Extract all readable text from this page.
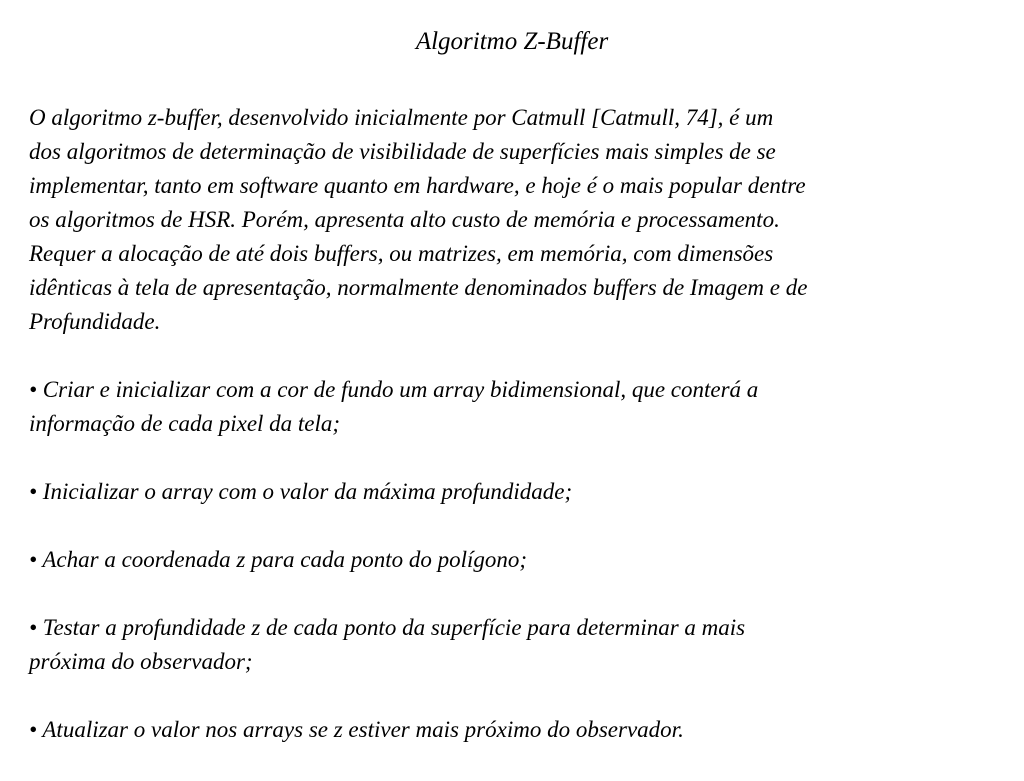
Algoritmo Z-Buffer

O algoritmo z-buffer, desenvolvido inicialmente por Catmull [Catmull, 74], é um
dos algoritmos de determinação de visibilidade de superfícies mais simples de se
implementar, tanto em software quanto em hardware, e hoje é o mais popular dentre
os algoritmos de HSR. Porém, apresenta alto custo de memória e processamento.
Requer a alocação de até dois buffers, ou matrizes, em memória, com dimensões
idênticas à tela de apresentação, normalmente denominados buffers de Imagem e de
Profundidade.

• Criar e inicializar com a cor de fundo um array bidimensional, que conterá a
informação de cada pixel da tela;

• Inicializar o array com o valor da máxima profundidade;

• Achar a coordenada z para cada ponto do polígono;

• Testar a profundidade z de cada ponto da superfície para determinar a mais
próxima do observador;

• Atualizar o valor nos arrays se z estiver mais próximo do observador.
